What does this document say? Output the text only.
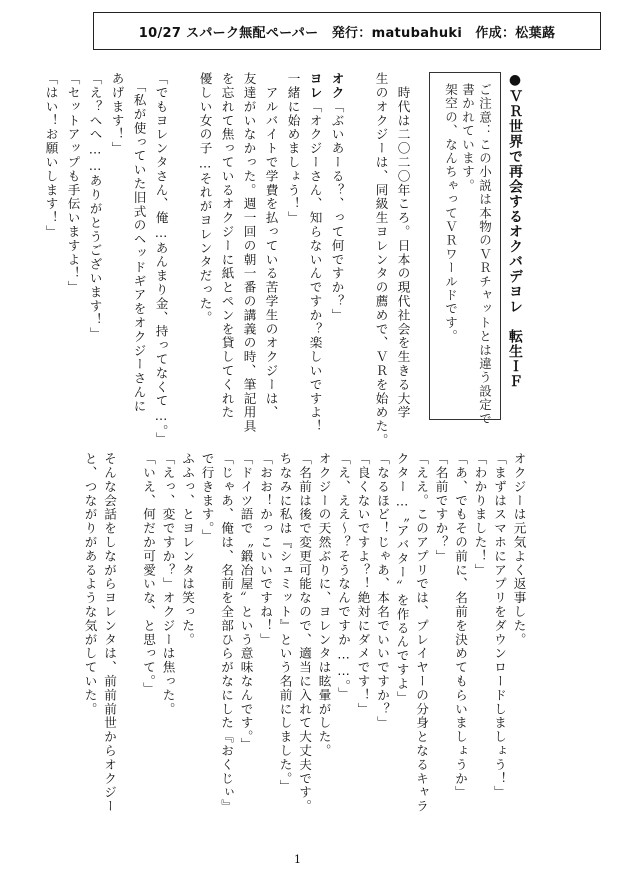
10/27 スパーク無配ペーパー　発行：matubahuki　作成：松葉蕗
●ＶＲ世界で再会するオクバデヨレ　転生ＩＦ
　時代は二〇二〇年ころ。日本の現代社会を生きる大学
生のオクジーは、同級生ヨレンタの薦めで、ＶＲを始めた。
オク「ぶいあーる？、って何ですか？」
ヨレ「オクジーさん、知らないんですか？楽しいですよ！
一緒に始めましょう！」
　アルバイトで学費を払っている苦学生のオクジーは、
友達がいなかった。週一回の朝一番の講義の時、筆記用具
を忘れて焦っているオクジーに紙とペンを貸してくれた
優しい女の子…それがヨレンタだった。
「でもヨレンタさん、俺…あんまり金、持ってなくて…。」
　「私が使っていた旧式のヘッドギアをオクジーさんに
あげます！」
「え？へへ……ありがとうございます！」
「セットアップも手伝いますよ！」
「はい！お願いします！」	ご注意：この小説は本物のＶＲチャットとは違う設定で
書かれています。
架空の、なんちゃってＶＲワールドです。
オクジーは元気よく返事した。
「まずはスマホにアプリをダウンロードしましょう！」
「わかりました！」
「あ、でもその前に、名前を決めてもらいましょうか」
「名前ですか？」
「ええ。このアプリでは、プレイヤーの分身となるキャラ
クター…〝アバター〟を作るんですよ」
「なるほど！じゃあ、本名でいいですか？」
「良くないですよ？！絶対にダメです！」
「え、ええ〜？そうなんですか……。」
オクジーの天然ぶりに、ヨレンタは眩暈がした。
「名前は後で変更可能なので、適当に入れて大丈夫です。
ちなみに私は『シュミット』という名前にしました。」
「おお！かっこいいですね！」
「ドイツ語で〝鍛冶屋〟という意味なんです。」
「じゃあ、俺は、名前を全部ひらがなにした『おくじぃ』
で行きます。」
ふふっ、とヨレンタは笑った。
「えっ、変ですか？」オクジーは焦った。
「いえ、何だか可愛いな、と思って。」
そんな会話をしながらヨレンタは、前前前世からオクジー
と、つながりがあるような気がしていた。
1
